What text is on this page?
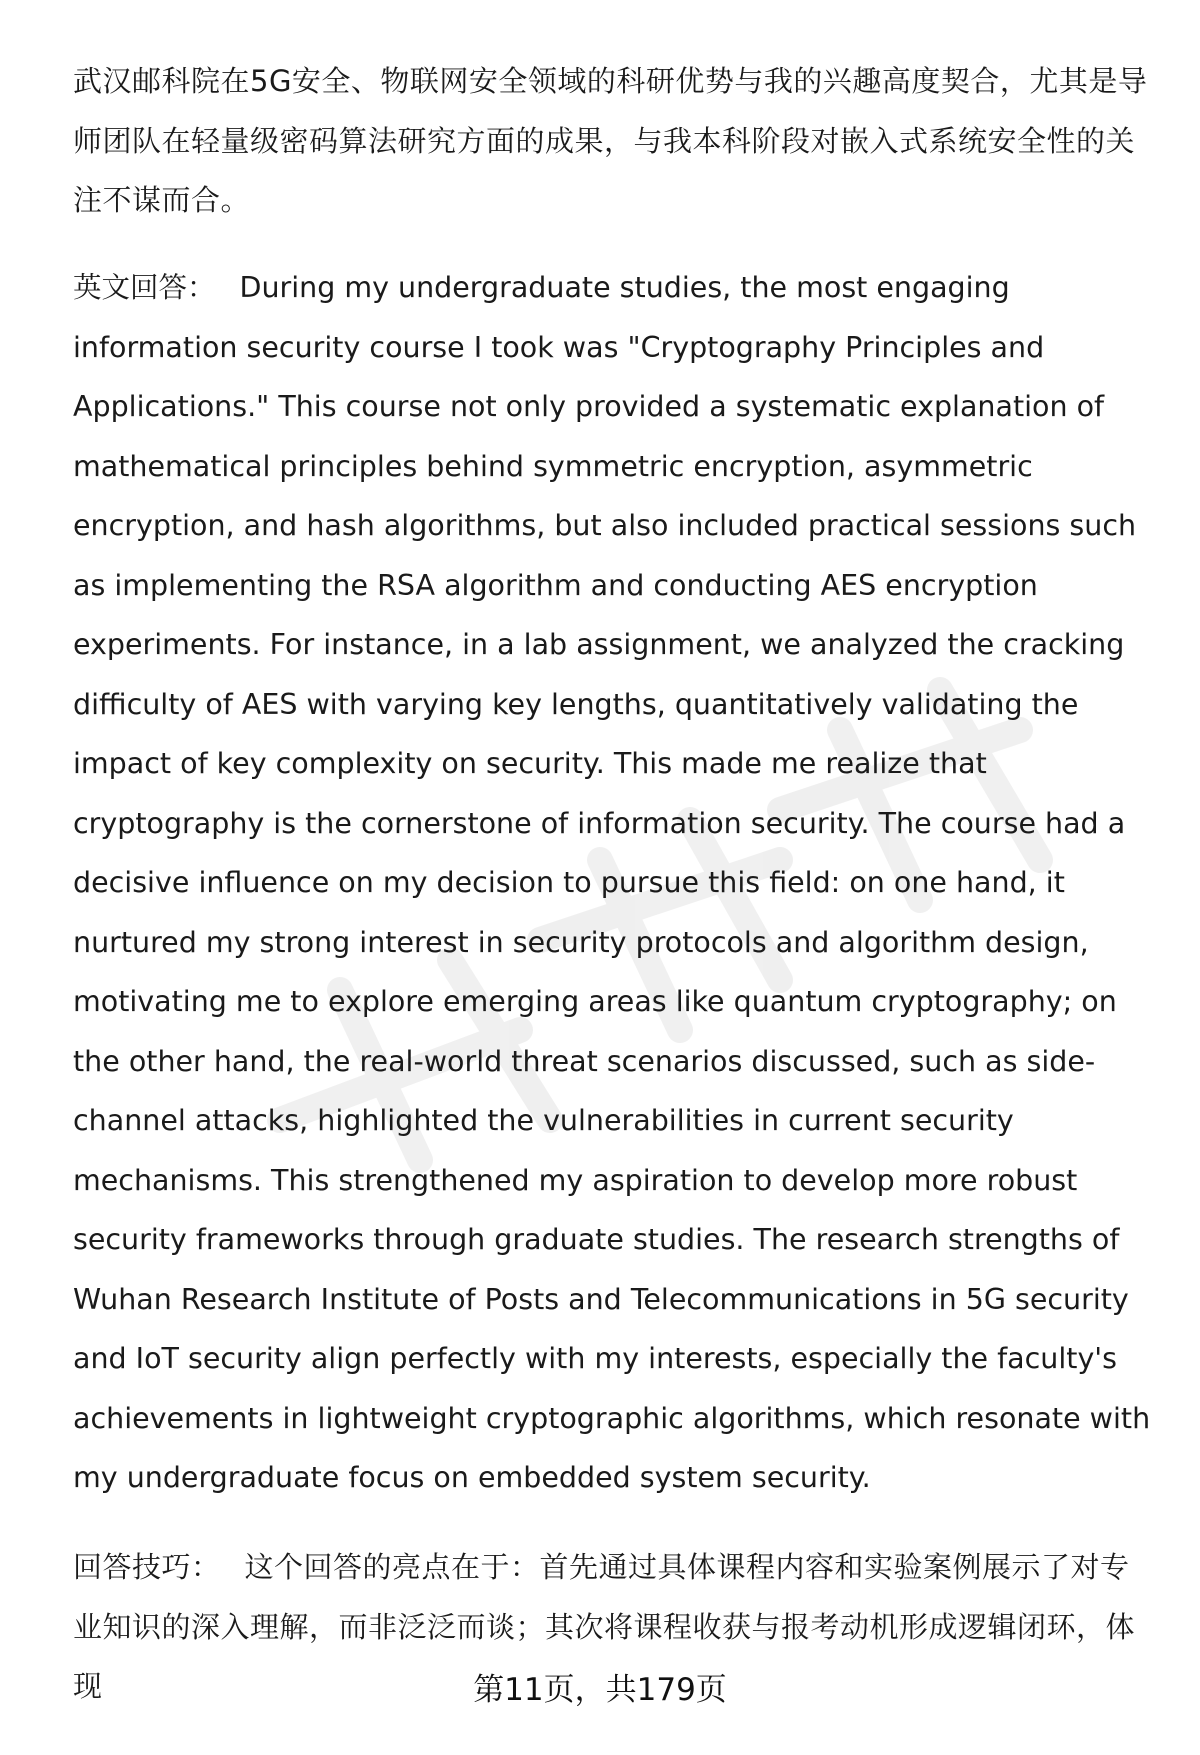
武汉邮科院在5G安全、物联网安全领域的科研优势与我的兴趣高度契合，尤其是导师团队在轻量级密码算法研究方面的成果，与我本科阶段对嵌入式系统安全性的关注不谋而合。

英文回答： During my undergraduate studies, the most engaging information security course I took was "Cryptography Principles and Applications." This course not only provided a systematic explanation of mathematical principles behind symmetric encryption, asymmetric encryption, and hash algorithms, but also included practical sessions such as implementing the RSA algorithm and conducting AES encryption experiments. For instance, in a lab assignment, we analyzed the cracking difficulty of AES with varying key lengths, quantitatively validating the impact of key complexity on security. This made me realize that cryptography is the cornerstone of information security. The course had a decisive influence on my decision to pursue this field: on one hand, it nurtured my strong interest in security protocols and algorithm design, motivating me to explore emerging areas like quantum cryptography; on the other hand, the real-world threat scenarios discussed, such as side-channel attacks, highlighted the vulnerabilities in current security mechanisms. This strengthened my aspiration to develop more robust security frameworks through graduate studies. The research strengths of Wuhan Research Institute of Posts and Telecommunications in 5G security and IoT security align perfectly with my interests, especially the faculty's achievements in lightweight cryptographic algorithms, which resonate with my undergraduate focus on embedded system security.

回答技巧： 这个回答的亮点在于：首先通过具体课程内容和实验案例展示了对专业知识的深入理解，而非泛泛而谈；其次将课程收获与报考动机形成逻辑闭环，体现	第11页，共179页
